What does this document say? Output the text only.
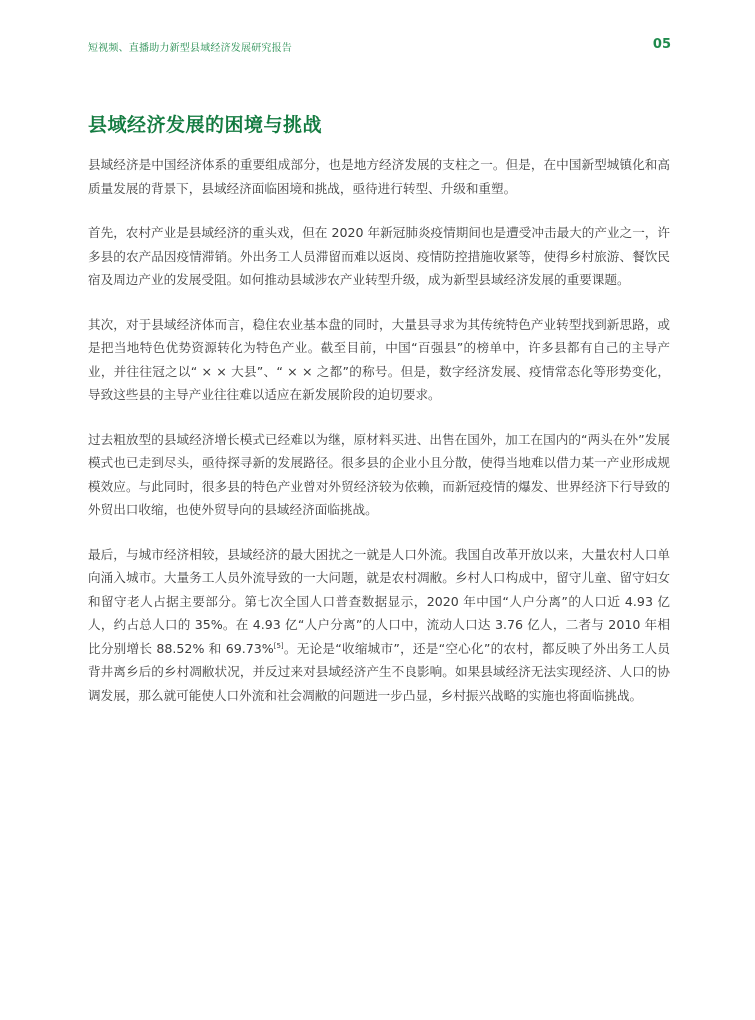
短视频、直播助力新型县域经济发展研究报告	05
县域经济发展的困境与挑战

县域经济是中国经济体系的重要组成部分，也是地方经济发展的支柱之一。但是，在中国新型城镇化和高质量发展的背景下，县域经济面临困境和挑战，亟待进行转型、升级和重塑。

首先，农村产业是县域经济的重头戏，但在 2020 年新冠肺炎疫情期间也是遭受冲击最大的产业之一，许多县的农产品因疫情滞销。外出务工人员滞留而难以返岗、疫情防控措施收紧等，使得乡村旅游、餐饮民宿及周边产业的发展受阻。如何推动县域涉农产业转型升级，成为新型县域经济发展的重要课题。

其次，对于县域经济体而言，稳住农业基本盘的同时，大量县寻求为其传统特色产业转型找到新思路，或是把当地特色优势资源转化为特色产业。截至目前，中国“百强县”的榜单中，许多县都有自己的主导产业，并往往冠之以“ × × 大县”、“ × × 之都”的称号。但是，数字经济发展、疫情常态化等形势变化，导致这些县的主导产业往往难以适应在新发展阶段的迫切要求。

过去粗放型的县域经济增长模式已经难以为继，原材料买进、出售在国外，加工在国内的“两头在外”发展模式也已走到尽头，亟待探寻新的发展路径。很多县的企业小且分散，使得当地难以借力某一产业形成规模效应。与此同时，很多县的特色产业曾对外贸经济较为依赖，而新冠疫情的爆发、世界经济下行导致的外贸出口收缩，也使外贸导向的县域经济面临挑战。

最后，与城市经济相较，县域经济的最大困扰之一就是人口外流。我国自改革开放以来，大量农村人口单向涌入城市。大量务工人员外流导致的一大问题，就是农村凋敝。乡村人口构成中，留守儿童、留守妇女和留守老人占据主要部分。第七次全国人口普查数据显示，2020 年中国“人户分离”的人口近 4.93 亿人，约占总人口的 35%。在 4.93 亿“人户分离”的人口中，流动人口达 3.76 亿人，二者与 2010 年相比分别增长 88.52% 和 69.73%[5]。无论是“收缩城市”，还是“空心化”的农村，都反映了外出务工人员背井离乡后的乡村凋敝状况，并反过来对县域经济产生不良影响。如果县域经济无法实现经济、人口的协调发展，那么就可能使人口外流和社会凋敝的问题进一步凸显，乡村振兴战略的实施也将面临挑战。
